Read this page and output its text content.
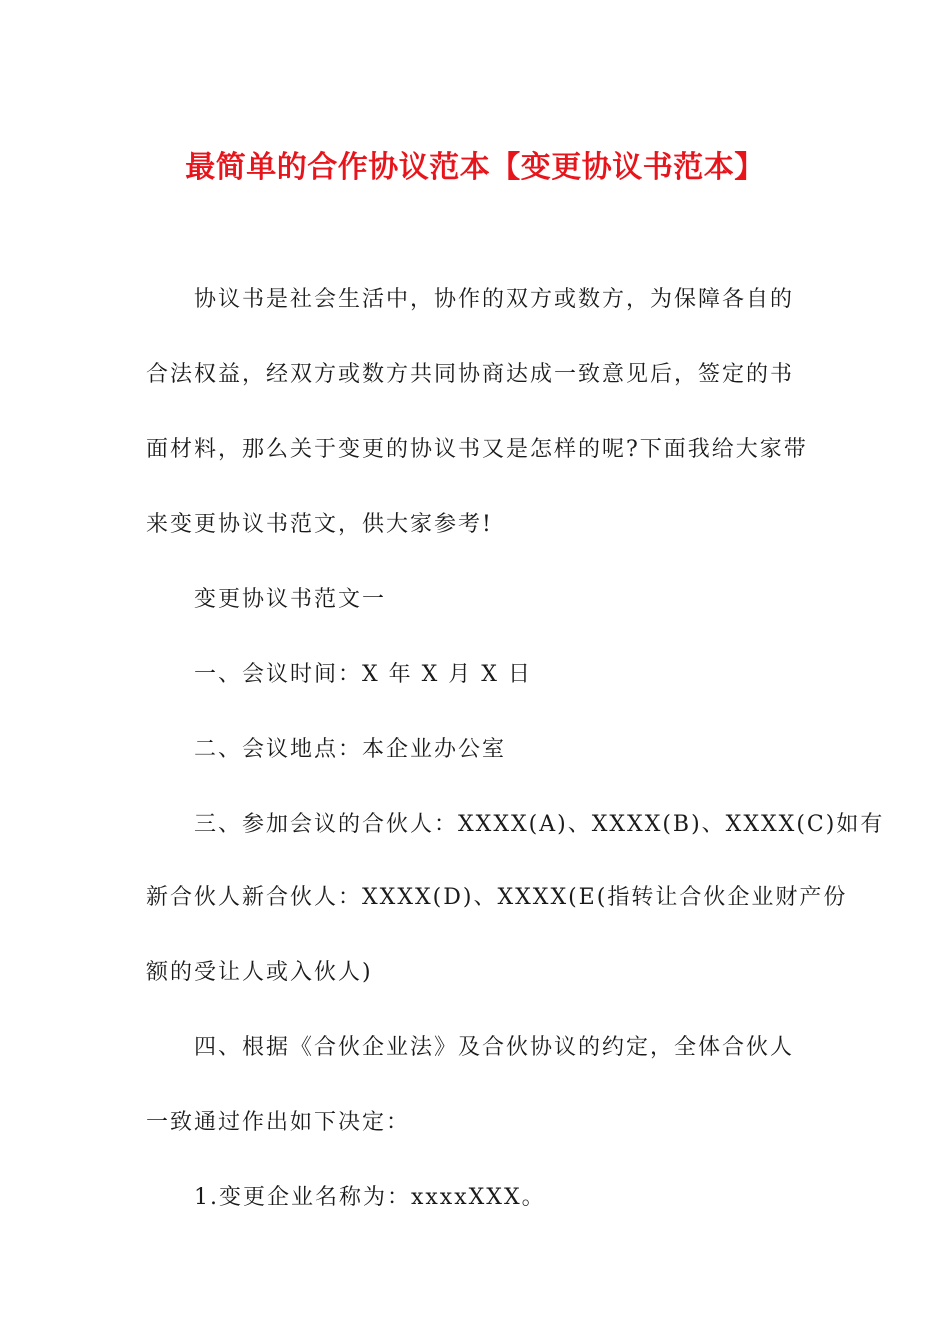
最简单的合作协议范本【变更协议书范本】
协议书是社会生活中，协作的双方或数方，为保障各自的
合法权益，经双方或数方共同协商达成一致意见后，签定的书
面材料，那么关于变更的协议书又是怎样的呢?下面我给大家带
来变更协议书范文，供大家参考!
变更协议书范文一
一、会议时间：X 年 X 月 X 日
二、会议地点：本企业办公室
三、参加会议的合伙人：XXXX(A)、XXXX(B)、XXXX(C)如有
新合伙人新合伙人：XXXX(D)、XXXX(E(指转让合伙企业财产份
额的受让人或入伙人)
四、根据《合伙企业法》及合伙协议的约定，全体合伙人
一致通过作出如下决定：
1.变更企业名称为：xxxxXXX。
